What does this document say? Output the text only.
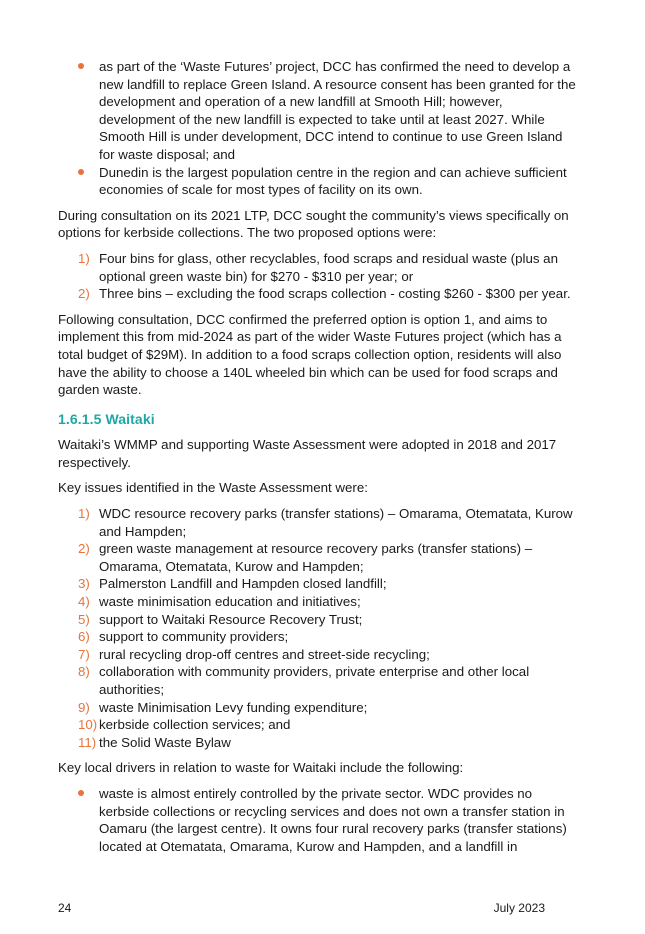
as part of the ‘Waste Futures’ project, DCC has confirmed the need to develop a new landfill to replace Green Island. A resource consent has been granted for the development and operation of a new landfill at Smooth Hill; however, development of the new landfill is expected to take until at least 2027. While Smooth Hill is under development, DCC intend to continue to use Green Island for waste disposal; and
Dunedin is the largest population centre in the region and can achieve sufficient economies of scale for most types of facility on its own.

During consultation on its 2021 LTP, DCC sought the community’s views specifically on options for kerbside collections. The two proposed options were:

1) Four bins for glass, other recyclables, food scraps and residual waste (plus an optional green waste bin) for $270 - $310 per year; or
2) Three bins – excluding the food scraps collection - costing $260 - $300 per year.

Following consultation, DCC confirmed the preferred option is option 1, and aims to implement this from mid-2024 as part of the wider Waste Futures project (which has a total budget of $29M). In addition to a food scraps collection option, residents will also have the ability to choose a 140L wheeled bin which can be used for food scraps and garden waste.

1.6.1.5 Waitaki

Waitaki’s WMMP and supporting Waste Assessment were adopted in 2018 and 2017 respectively.

Key issues identified in the Waste Assessment were:

1) WDC resource recovery parks (transfer stations) – Omarama, Otematata, Kurow and Hampden;
2) green waste management at resource recovery parks (transfer stations) – Omarama, Otematata, Kurow and Hampden;
3) Palmerston Landfill and Hampden closed landfill;
4) waste minimisation education and initiatives;
5) support to Waitaki Resource Recovery Trust;
6) support to community providers;
7) rural recycling drop-off centres and street-side recycling;
8) collaboration with community providers, private enterprise and other local authorities;
9) waste Minimisation Levy funding expenditure;
10) kerbside collection services; and
11) the Solid Waste Bylaw

Key local drivers in relation to waste for Waitaki include the following:

waste is almost entirely controlled by the private sector. WDC provides no kerbside collections or recycling services and does not own a transfer station in Oamaru (the largest centre). It owns four rural recovery parks (transfer stations) located at Otematata, Omarama, Kurow and Hampden, and a landfill in
24	July 2023
